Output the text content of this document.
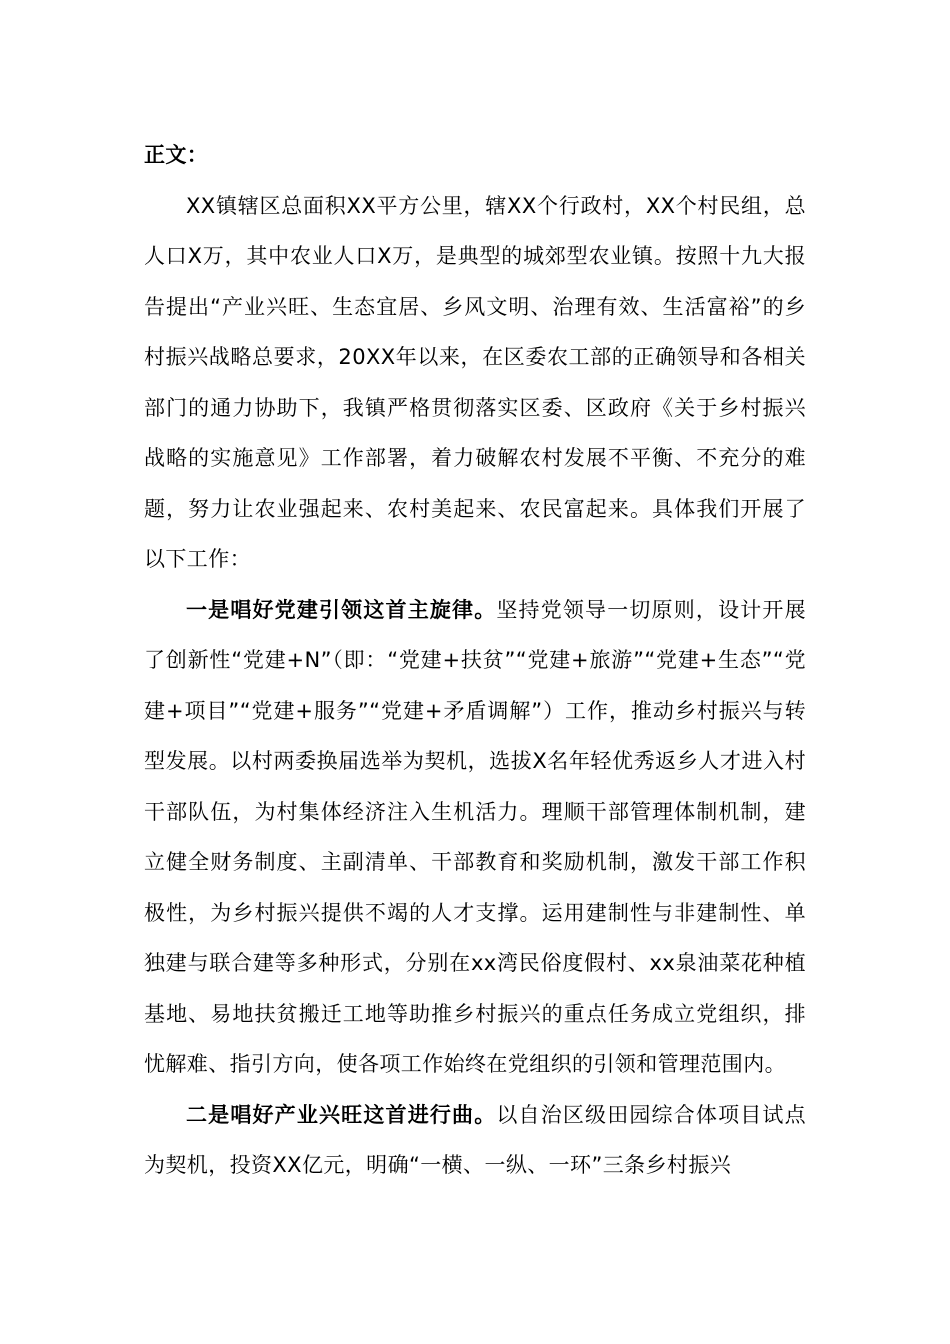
正文：

XX镇辖区总面积XX平方公里，辖XX个行政村，XX个村民组，总人口X万，其中农业人口X万，是典型的城郊型农业镇。按照十九大报告提出“产业兴旺、生态宜居、乡风文明、治理有效、生活富裕”的乡村振兴战略总要求，20XX年以来，在区委农工部的正确领导和各相关部门的通力协助下，我镇严格贯彻落实区委、区政府《关于乡村振兴战略的实施意见》工作部署，着力破解农村发展不平衡、不充分的难题，努力让农业强起来、农村美起来、农民富起来。具体我们开展了以下工作：

一是唱好党建引领这首主旋律。坚持党领导一切原则，设计开展了创新性“党建+N”（即：“党建+扶贫”“党建+旅游”“党建+生态”“党建+项目”“党建+服务”“党建+矛盾调解”）工作，推动乡村振兴与转型发展。以村两委换届选举为契机，选拔X名年轻优秀返乡人才进入村干部队伍，为村集体经济注入生机活力。理顺干部管理体制机制，建立健全财务制度、主副清单、干部教育和奖励机制，激发干部工作积极性，为乡村振兴提供不竭的人才支撑。运用建制性与非建制性、单独建与联合建等多种形式，分别在xx湾民俗度假村、xx泉油菜花种植基地、易地扶贫搬迁工地等助推乡村振兴的重点任务成立党组织，排忧解难、指引方向，使各项工作始终在党组织的引领和管理范围内。

二是唱好产业兴旺这首进行曲。以自治区级田园综合体项目试点为契机，投资XX亿元，明确“一横、一纵、一环”三条乡村振兴
